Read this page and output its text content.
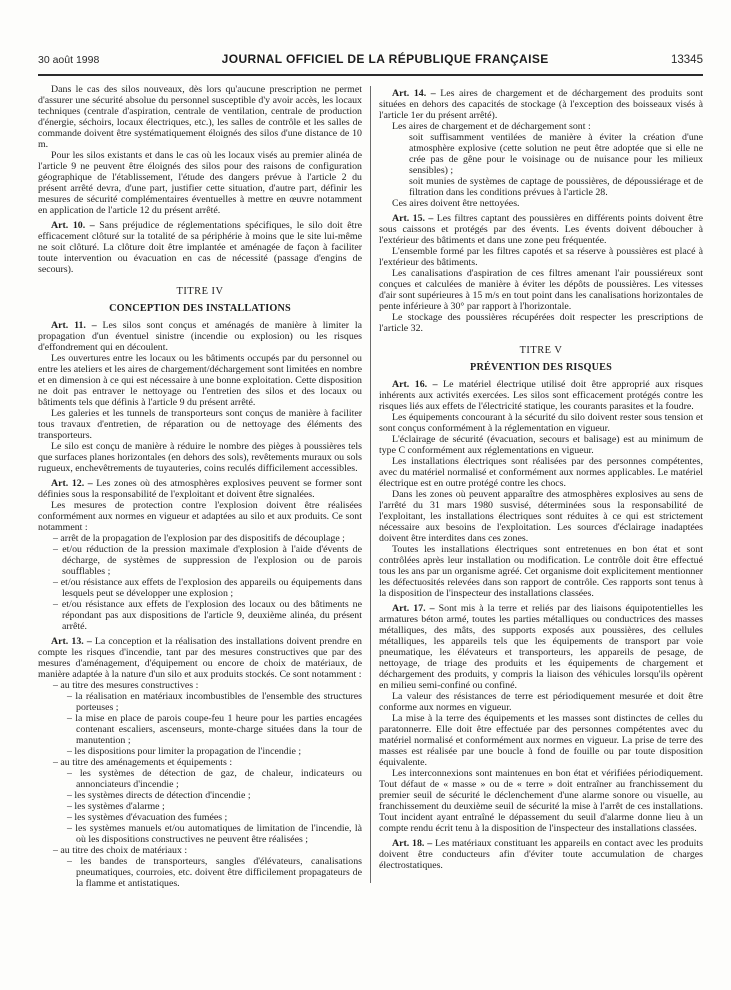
30 août 1998	JOURNAL OFFICIEL DE LA RÉPUBLIQUE FRANÇAISE	13345
Dans le cas des silos nouveaux, dès lors qu'aucune prescription ne permet d'assurer une sécurité absolue du personnel susceptible d'y avoir accès, les locaux techniques (centrale d'aspiration, centrale de ventilation, centrale de production d'énergie, séchoirs, locaux électriques, etc.), les salles de contrôle et les salles de commande doivent être systématiquement éloignés des silos d'une distance de 10 m.
Pour les silos existants et dans le cas où les locaux visés au premier alinéa de l'article 9 ne peuvent être éloignés des silos pour des raisons de configuration géographique de l'établissement, l'étude des dangers prévue à l'article 2 du présent arrêté devra, d'une part, justifier cette situation, d'autre part, définir les mesures de sécurité complémentaires éventuelles à mettre en œuvre notamment en application de l'article 12 du présent arrêté.
Art. 10. – Sans préjudice de réglementations spécifiques, le silo doit être efficacement clôturé sur la totalité de sa périphérie à moins que le site lui-même ne soit clôturé. La clôture doit être implantée et aménagée de façon à faciliter toute intervention ou évacuation en cas de nécessité (passage d'engins de secours).
TITRE IV
CONCEPTION DES INSTALLATIONS
Art. 11. – Les silos sont conçus et aménagés de manière à limiter la propagation d'un éventuel sinistre (incendie ou explosion) ou les risques d'effondrement qui en découlent.
Les ouvertures entre les locaux ou les bâtiments occupés par du personnel ou entre les ateliers et les aires de chargement/déchargement sont limitées en nombre et en dimension à ce qui est nécessaire à une bonne exploitation. Cette disposition ne doit pas entraver le nettoyage ou l'entretien des silos et des locaux ou bâtiments tels que définis à l'article 9 du présent arrêté.
Les galeries et les tunnels de transporteurs sont conçus de manière à faciliter tous travaux d'entretien, de réparation ou de nettoyage des éléments des transporteurs.
Le silo est conçu de manière à réduire le nombre des pièges à poussières tels que surfaces planes horizontales (en dehors des sols), revêtements muraux ou sols rugueux, enchevêtrements de tuyauteries, coins reculés difficilement accessibles.
Art. 12. – Les zones où des atmosphères explosives peuvent se former sont définies sous la responsabilité de l'exploitant et doivent être signalées.
Les mesures de protection contre l'explosion doivent être réalisées conformément aux normes en vigueur et adaptées au silo et aux produits. Ce sont notamment :
– arrêt de la propagation de l'explosion par des dispositifs de découplage ;
– et/ou réduction de la pression maximale d'explosion à l'aide d'évents de décharge, de systèmes de suppression de l'explosion ou de parois soufflables ;
– et/ou résistance aux effets de l'explosion des appareils ou équipements dans lesquels peut se développer une explosion ;
– et/ou résistance aux effets de l'explosion des locaux ou des bâtiments ne répondant pas aux dispositions de l'article 9, deuxième alinéa, du présent arrêté.
Art. 13. – La conception et la réalisation des installations doivent prendre en compte les risques d'incendie, tant par des mesures constructives que par des mesures d'aménagement, d'équipement ou encore de choix de matériaux, de manière adaptée à la nature d'un silo et aux produits stockés. Ce sont notamment :
– au titre des mesures constructives :
– la réalisation en matériaux incombustibles de l'ensemble des structures porteuses ;
– la mise en place de parois coupe-feu 1 heure pour les parties encagées contenant escaliers, ascenseurs, monte-charge situées dans la tour de manutention ;
– les dispositions pour limiter la propagation de l'incendie ;
– au titre des aménagements et équipements :
– les systèmes de détection de gaz, de chaleur, indicateurs ou annonciateurs d'incendie ;
– les systèmes directs de détection d'incendie ;
– les systèmes d'alarme ;
– les systèmes d'évacuation des fumées ;
– les systèmes manuels et/ou automatiques de limitation de l'incendie, là où les dispositions constructives ne peuvent être réalisées ;
– au titre des choix de matériaux :
– les bandes de transporteurs, sangles d'élévateurs, canalisations pneumatiques, courroies, etc. doivent être difficilement propagateurs de la flamme et antistatiques.
Art. 14. – Les aires de chargement et de déchargement des produits sont situées en dehors des capacités de stockage (à l'exception des boisseaux visés à l'article 1er du présent arrêté).
Les aires de chargement et de déchargement sont :
soit suffisamment ventilées de manière à éviter la création d'une atmosphère explosive (cette solution ne peut être adoptée que si elle ne crée pas de gêne pour le voisinage ou de nuisance pour les milieux sensibles) ;
soit munies de systèmes de captage de poussières, de dépoussiérage et de filtration dans les conditions prévues à l'article 28.
Ces aires doivent être nettoyées.
Art. 15. – Les filtres captant des poussières en différents points doivent être sous caissons et protégés par des évents. Les évents doivent déboucher à l'extérieur des bâtiments et dans une zone peu fréquentée.
L'ensemble formé par les filtres capotés et sa réserve à poussières est placé à l'extérieur des bâtiments.
Les canalisations d'aspiration de ces filtres amenant l'air poussiéreux sont conçues et calculées de manière à éviter les dépôts de poussières. Les vitesses d'air sont supérieures à 15 m/s en tout point dans les canalisations horizontales de pente inférieure à 30° par rapport à l'horizontale.
Le stockage des poussières récupérées doit respecter les prescriptions de l'article 32.
TITRE V
PRÉVENTION DES RISQUES
Art. 16. – Le matériel électrique utilisé doit être approprié aux risques inhérents aux activités exercées. Les silos sont efficacement protégés contre les risques liés aux effets de l'électricité statique, les courants parasites et la foudre.
Les équipements concourant à la sécurité du silo doivent rester sous tension et sont conçus conformément à la réglementation en vigueur.
L'éclairage de sécurité (évacuation, secours et balisage) est au minimum de type C conformément aux réglementations en vigueur.
Les installations électriques sont réalisées par des personnes compétentes, avec du matériel normalisé et conformément aux normes applicables. Le matériel électrique est en outre protégé contre les chocs.
Dans les zones où peuvent apparaître des atmosphères explosives au sens de l'arrêté du 31 mars 1980 susvisé, déterminées sous la responsabilité de l'exploitant, les installations électriques sont réduites à ce qui est strictement nécessaire aux besoins de l'exploitation. Les sources d'éclairage inadaptées doivent être interdites dans ces zones.
Toutes les installations électriques sont entretenues en bon état et sont contrôlées après leur installation ou modification. Le contrôle doit être effectué tous les ans par un organisme agréé. Cet organisme doit explicitement mentionner les défectuosités relevées dans son rapport de contrôle. Ces rapports sont tenus à la disposition de l'inspecteur des installations classées.
Art. 17. – Sont mis à la terre et reliés par des liaisons équipotentielles les armatures béton armé, toutes les parties métalliques ou conductrices des masses métalliques, des mâts, des supports exposés aux poussières, des cellules métalliques, les appareils tels que les équipements de transport par voie pneumatique, les élévateurs et transporteurs, les appareils de pesage, de nettoyage, de triage des produits et les équipements de chargement et déchargement des produits, y compris la liaison des véhicules lorsqu'ils opèrent en milieu semi-confiné ou confiné.
La valeur des résistances de terre est périodiquement mesurée et doit être conforme aux normes en vigueur.
La mise à la terre des équipements et les masses sont distinctes de celles du paratonnerre. Elle doit être effectuée par des personnes compétentes avec du matériel normalisé et conformément aux normes en vigueur. La prise de terre des masses est réalisée par une boucle à fond de fouille ou par toute disposition équivalente.
Les interconnexions sont maintenues en bon état et vérifiées périodiquement. Tout défaut de « masse » ou de « terre » doit entraîner au franchissement du premier seuil de sécurité le déclenchement d'une alarme sonore ou visuelle, au franchissement du deuxième seuil de sécurité la mise à l'arrêt de ces installations. Tout incident ayant entraîné le dépassement du seuil d'alarme donne lieu à un compte rendu écrit tenu à la disposition de l'inspecteur des installations classées.
Art. 18. – Les matériaux constituant les appareils en contact avec les produits doivent être conducteurs afin d'éviter toute accumulation de charges électrostatiques.
